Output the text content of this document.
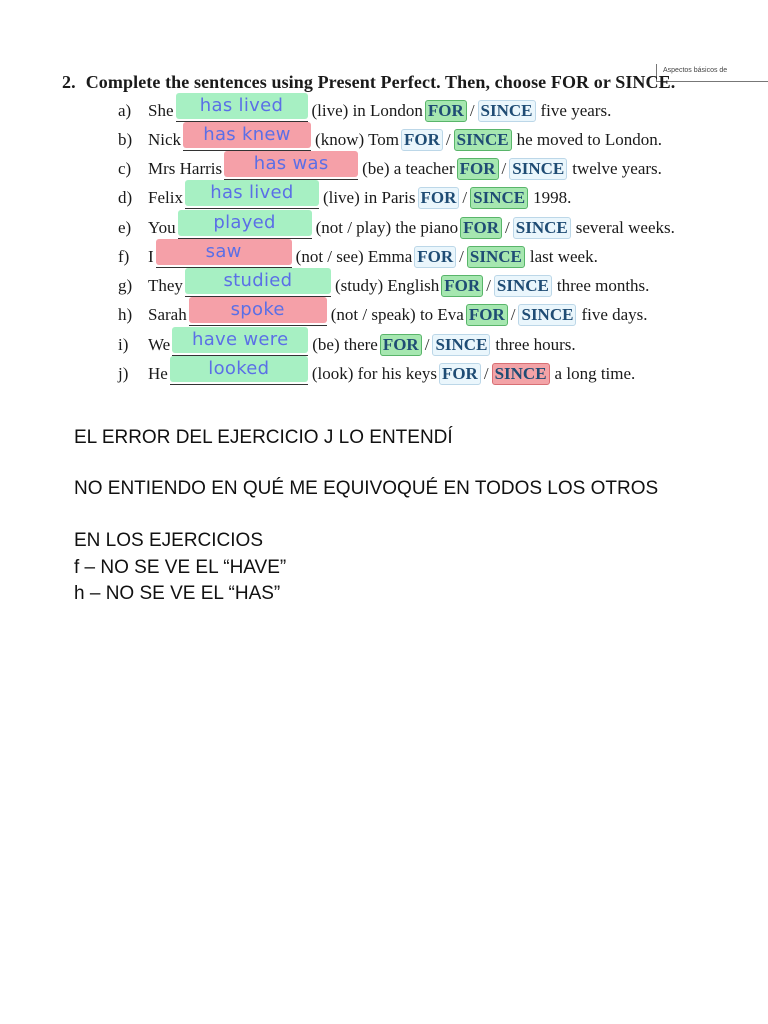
Aspectos básicos de
2. Complete the sentences using Present Perfect. Then, choose FOR or SINCE.
a) She	has lived	(live) in London FOR / SINCE five years.
b) Nick	has knew	(know) Tom FOR / SINCE he moved to London.
c) Mrs Harris	has was	(be) a teacher FOR / SINCE twelve years.
d) Felix	has lived	(live) in Paris FOR / SINCE 1998.
e) You	played	(not / play) the piano FOR / SINCE several weeks.
f)	I	saw	(not / see) Emma FOR / SINCE last week.
g) They	studied	(study) English FOR / SINCE three months.
h) Sarah	spoke	(not / speak) to Eva FOR / SINCE five days.
i)	We	have were	(be) there FOR / SINCE three hours.
j)	He	looked	(look) for his keys FOR / SINCE a long time.
EL ERROR DEL EJERCICIO J LO ENTENDÍ
NO ENTIENDO EN QUÉ ME EQUIVOQUÉ EN TODOS LOS OTROS
EN LOS EJERCICIOS
f – NO SE VE EL “HAVE”
h – NO SE VE EL “HAS”
